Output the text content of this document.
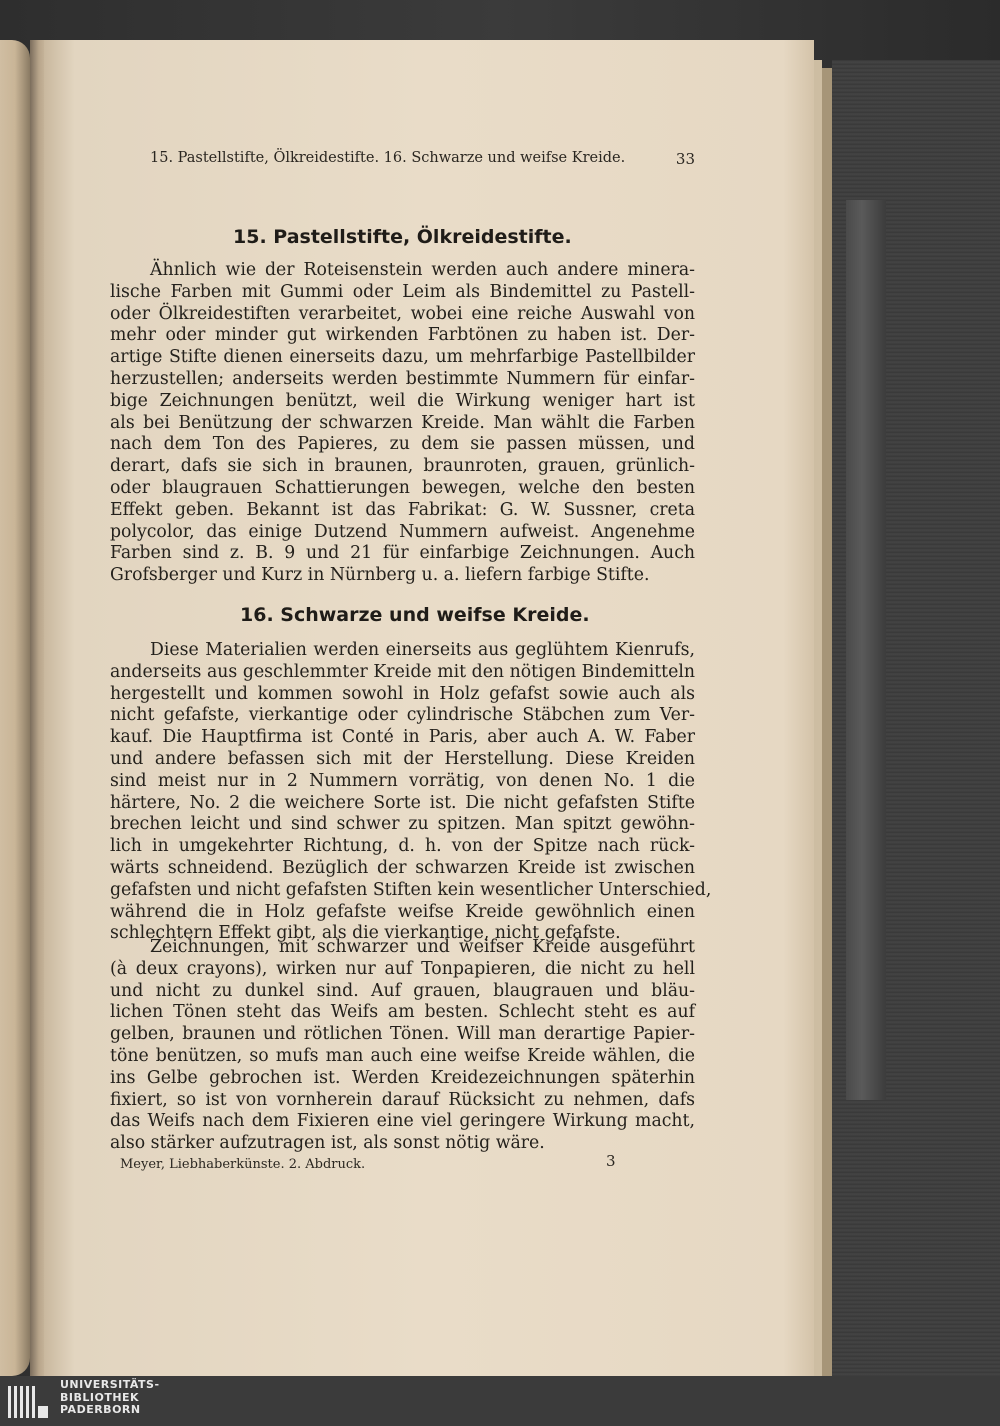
15. Pastellstifte, Ölkreidestifte. 16. Schwarze und weifse Kreide.	33
15. Pastellstifte, Ölkreidestifte.
Ähnlich wie der Roteisenstein werden auch andere minera-
lische Farben mit Gummi oder Leim als Bindemittel zu Pastell-
oder Ölkreidestiften verarbeitet, wobei eine reiche Auswahl von
mehr oder minder gut wirkenden Farbtönen zu haben ist. Der-
artige Stifte dienen einerseits dazu, um mehrfarbige Pastellbilder
herzustellen; anderseits werden bestimmte Nummern für einfar-
bige Zeichnungen benützt, weil die Wirkung weniger hart ist
als bei Benützung der schwarzen Kreide. Man wählt die Farben
nach dem Ton des Papieres, zu dem sie passen müssen, und
derart, dafs sie sich in braunen, braunroten, grauen, grünlich-
oder blaugrauen Schattierungen bewegen, welche den besten
Effekt geben. Bekannt ist das Fabrikat: G. W. Sussner, creta
polycolor, das einige Dutzend Nummern aufweist. Angenehme
Farben sind z. B. 9 und 21 für einfarbige Zeichnungen. Auch
Grofsberger und Kurz in Nürnberg u. a. liefern farbige Stifte.
16. Schwarze und weifse Kreide.
Diese Materialien werden einerseits aus geglühtem Kienrufs,
anderseits aus geschlemmter Kreide mit den nötigen Bindemitteln
hergestellt und kommen sowohl in Holz gefafst sowie auch als
nicht gefafste, vierkantige oder cylindrische Stäbchen zum Ver-
kauf. Die Hauptfirma ist Conté in Paris, aber auch A. W. Faber
und andere befassen sich mit der Herstellung. Diese Kreiden
sind meist nur in 2 Nummern vorrätig, von denen No. 1 die
härtere, No. 2 die weichere Sorte ist. Die nicht gefafsten Stifte
brechen leicht und sind schwer zu spitzen. Man spitzt gewöhn-
lich in umgekehrter Richtung, d. h. von der Spitze nach rück-
wärts schneidend. Bezüglich der schwarzen Kreide ist zwischen
gefafsten und nicht gefafsten Stiften kein wesentlicher Unterschied,
während die in Holz gefafste weifse Kreide gewöhnlich einen
schlechtern Effekt gibt, als die vierkantige, nicht gefafste.
Zeichnungen, mit schwarzer und weifser Kreide ausgeführt
(à deux crayons), wirken nur auf Tonpapieren, die nicht zu hell
und nicht zu dunkel sind. Auf grauen, blaugrauen und bläu-
lichen Tönen steht das Weifs am besten. Schlecht steht es auf
gelben, braunen und rötlichen Tönen. Will man derartige Papier-
töne benützen, so mufs man auch eine weifse Kreide wählen, die
ins Gelbe gebrochen ist. Werden Kreidezeichnungen späterhin
fixiert, so ist von vornherein darauf Rücksicht zu nehmen, dafs
das Weifs nach dem Fixieren eine viel geringere Wirkung macht,
also stärker aufzutragen ist, als sonst nötig wäre.
Meyer, Liebhaberkünste. 2. Abdruck.	3
UNIVERSITÄTS-
BIBLIOTHEK
PADERBORN
